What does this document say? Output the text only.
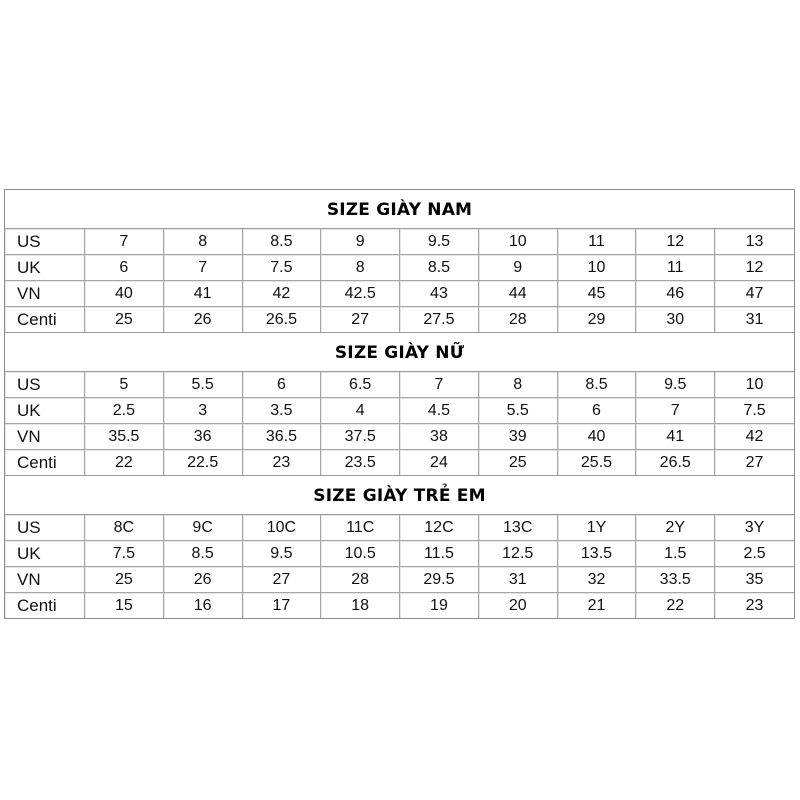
SIZE GIÀY NAM
US	7	8	8.5	9	9.5	10	11	12	13
UK	6	7	7.5	8	8.5	9	10	11	12
VN	40	41	42	42.5	43	44	45	46	47
Centi	25	26	26.5	27	27.5	28	29	30	31
SIZE GIÀY NỮ
US	5	5.5	6	6.5	7	8	8.5	9.5	10
UK	2.5	3	3.5	4	4.5	5.5	6	7	7.5
VN	35.5	36	36.5	37.5	38	39	40	41	42
Centi	22	22.5	23	23.5	24	25	25.5	26.5	27
SIZE GIÀY TRẺ EM
US	8C	9C	10C	11C	12C	13C	1Y	2Y	3Y
UK	7.5	8.5	9.5	10.5	11.5	12.5	13.5	1.5	2.5
VN	25	26	27	28	29.5	31	32	33.5	35
Centi	15	16	17	18	19	20	21	22	23
